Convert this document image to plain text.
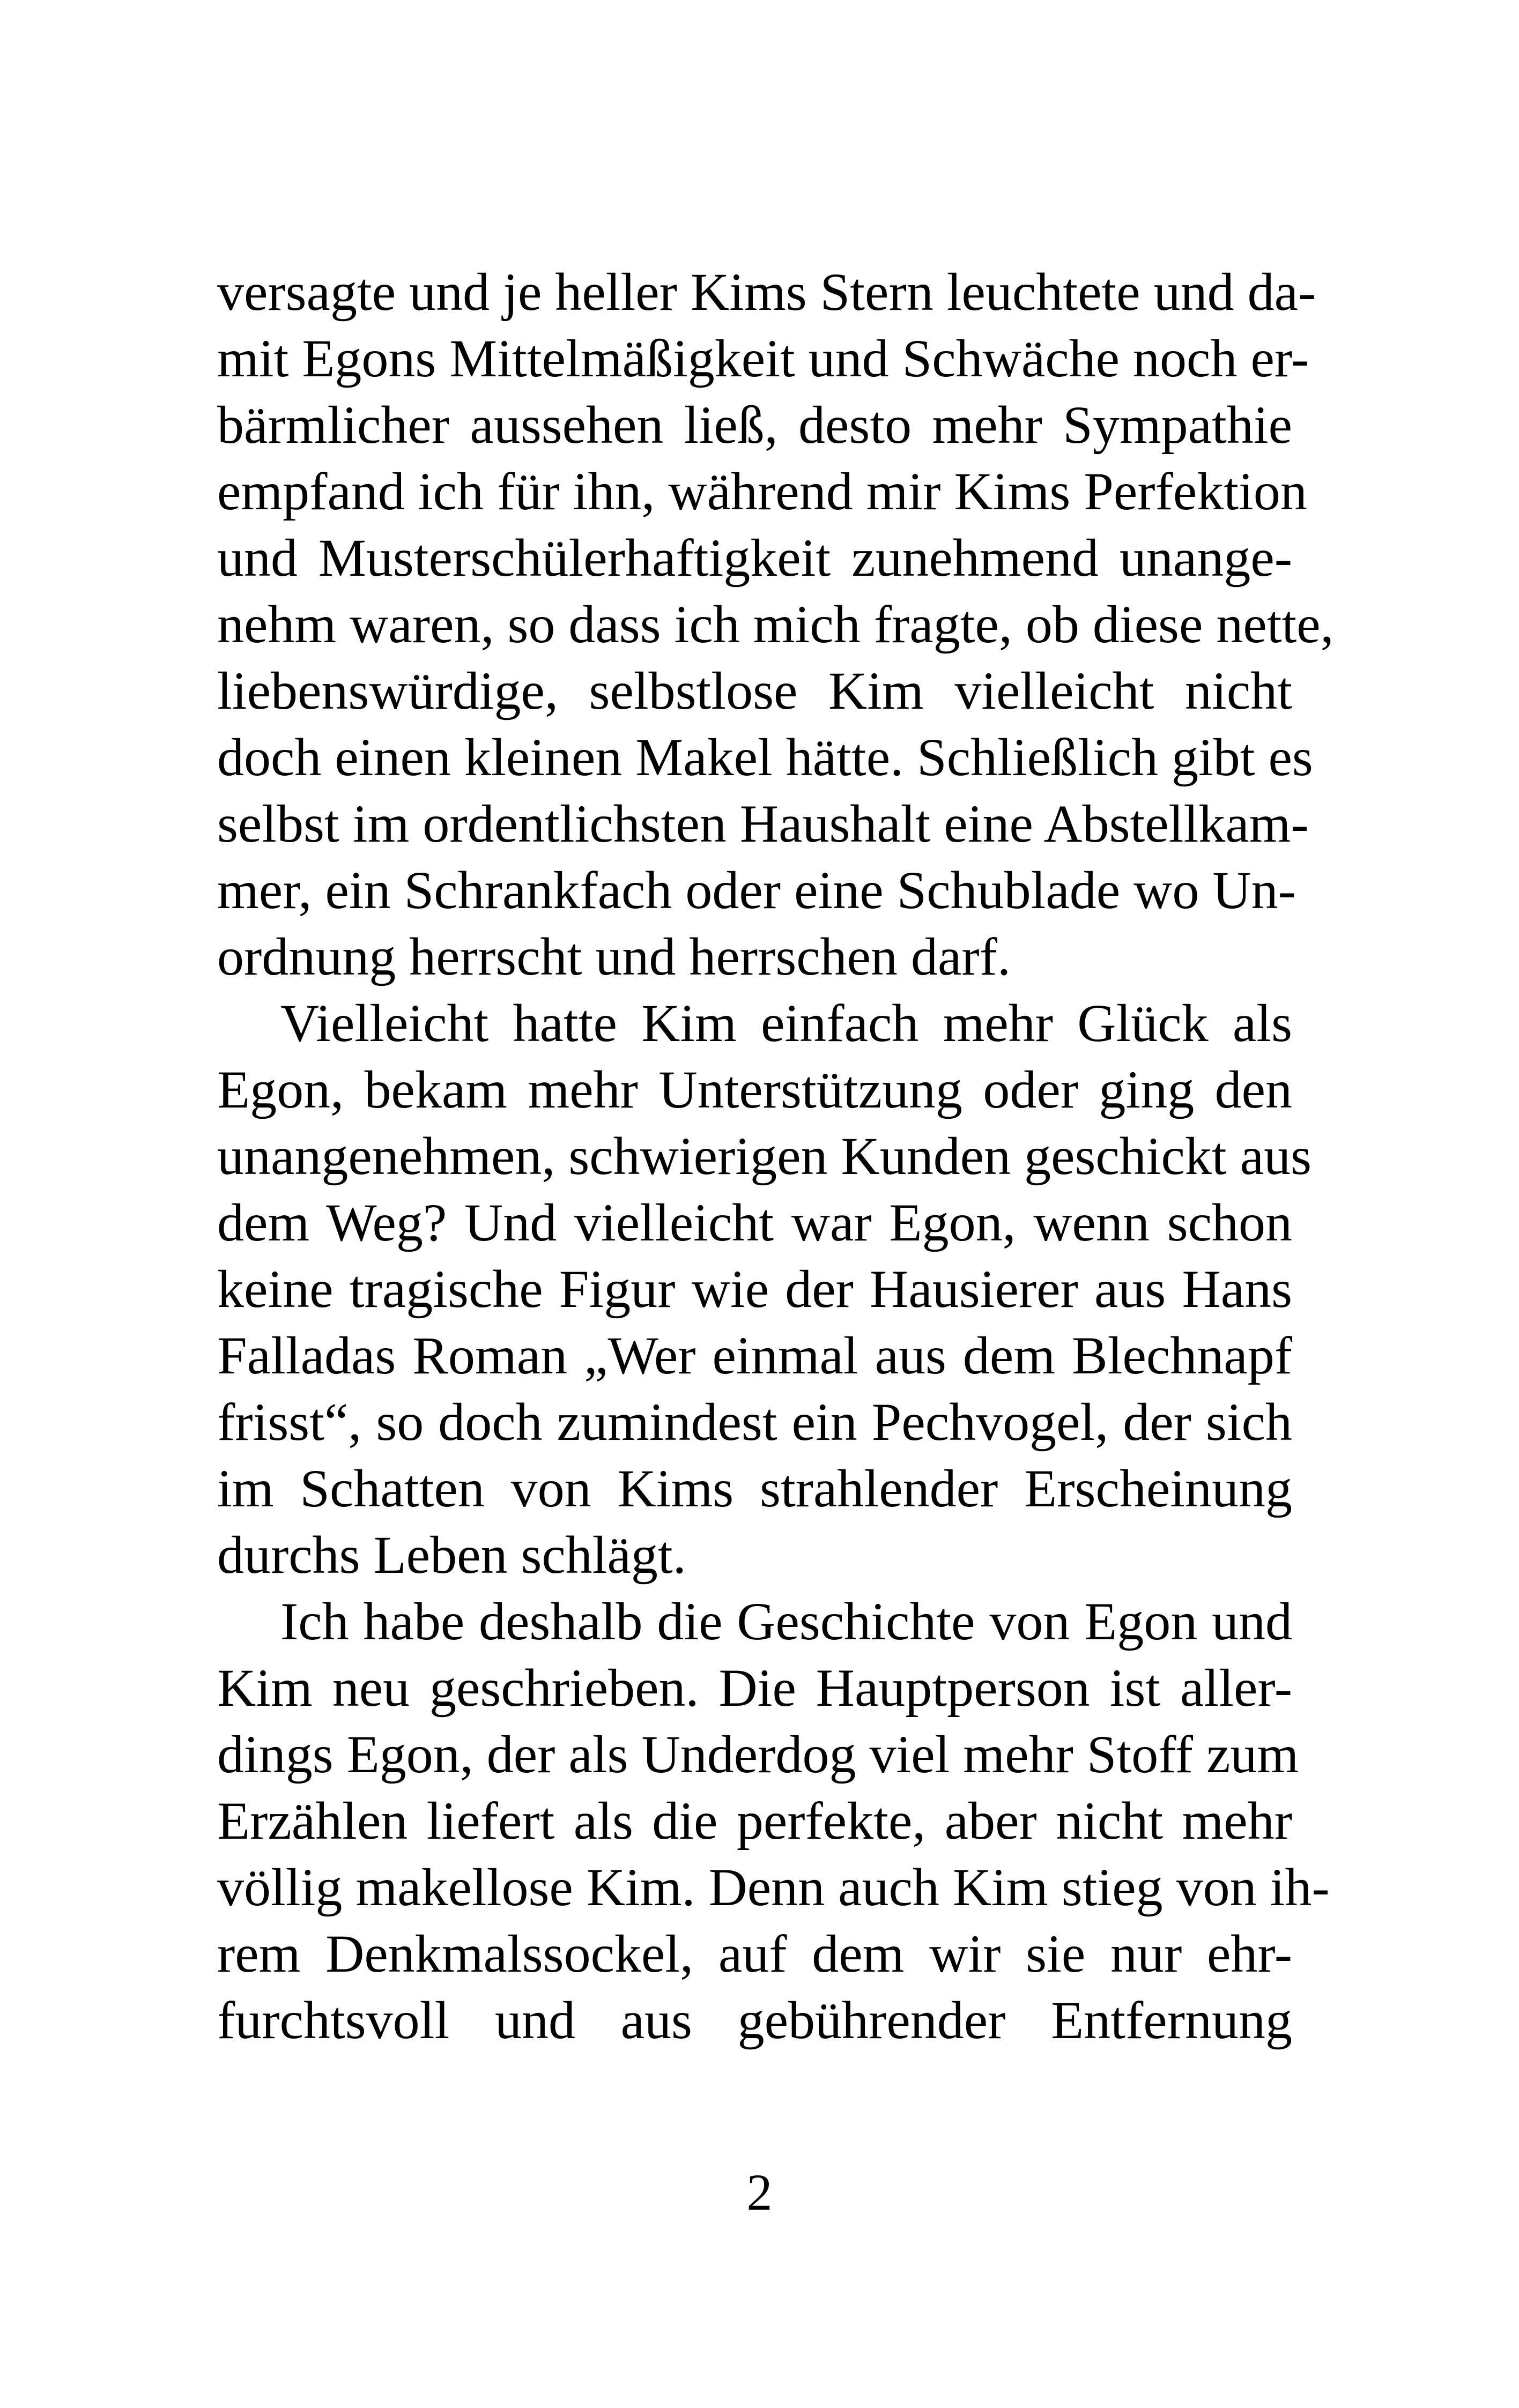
versagte und je heller Kims Stern leuchtete und da-
mit Egons Mittelmäßigkeit und Schwäche noch er-
bärmlicher aussehen ließ, desto mehr Sympathie
empfand ich für ihn, während mir Kims Perfektion
und Musterschülerhaftigkeit zunehmend unange-
nehm waren, so dass ich mich fragte, ob diese nette,
liebenswürdige, selbstlose Kim vielleicht nicht
doch einen kleinen Makel hätte. Schließlich gibt es
selbst im ordentlichsten Haushalt eine Abstellkam-
mer, ein Schrankfach oder eine Schublade wo Un-
ordnung herrscht und herrschen darf.
Vielleicht hatte Kim einfach mehr Glück als
Egon, bekam mehr Unterstützung oder ging den
unangenehmen, schwierigen Kunden geschickt aus
dem Weg? Und vielleicht war Egon, wenn schon
keine tragische Figur wie der Hausierer aus Hans
Falladas Roman „Wer einmal aus dem Blechnapf
frisst“, so doch zumindest ein Pechvogel, der sich
im Schatten von Kims strahlender Erscheinung
durchs Leben schlägt.
Ich habe deshalb die Geschichte von Egon und
Kim neu geschrieben. Die Hauptperson ist aller-
dings Egon, der als Underdog viel mehr Stoff zum
Erzählen liefert als die perfekte, aber nicht mehr
völlig makellose Kim. Denn auch Kim stieg von ih-
rem Denkmalssockel, auf dem wir sie nur ehr-
furchtsvoll und aus gebührender Entfernung
2
